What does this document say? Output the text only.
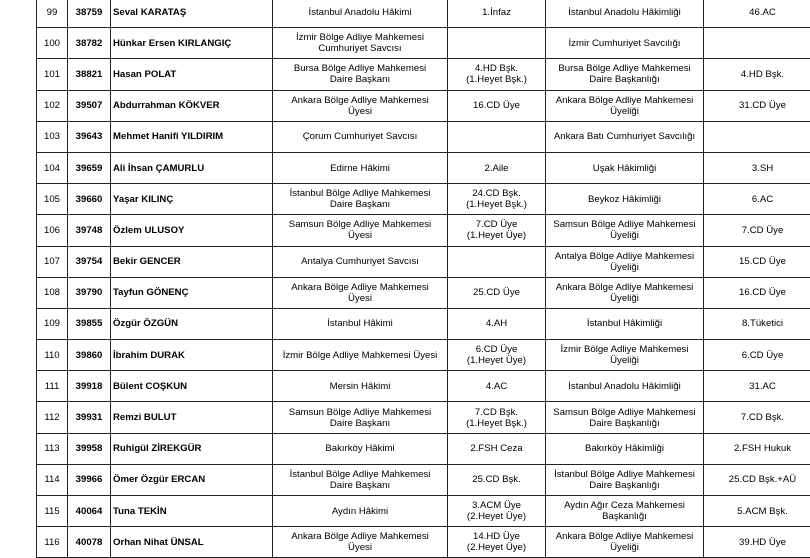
99	38759	Seval KARATAŞ	İstanbul Anadolu Hâkimi	1.İnfaz	İstanbul Anadolu Hâkimliği	46.AC

100	38782	Hünkar Ersen KIRLANGIÇ	İzmir Bölge Adliye Mahkemesi
Cumhuriyet Savcısı		İzmir Cumhuriyet Savcılığı	

101	38821	Hasan POLAT	Bursa Bölge Adliye Mahkemesi
Daire Başkanı	4.HD Bşk.
(1.Heyet Bşk.)	Bursa Bölge Adliye Mahkemesi
Daire Başkanlığı	4.HD Bşk.

102	39507	Abdurrahman KÖKVER	Ankara Bölge Adliye Mahkemesi
Üyesi	16.CD Üye	Ankara Bölge Adliye Mahkemesi
Üyeliği	31.CD Üye

103	39643	Mehmet Hanifi YILDIRIM	Çorum Cumhuriyet Savcısı		Ankara Batı Cumhuriyet Savcılığı	

104	39659	Ali İhsan ÇAMURLU	Edirne Hâkimi	2.Aile	Uşak Hâkimliği	3.SH

105	39660	Yaşar KILINÇ	İstanbul Bölge Adliye Mahkemesi
Daire Başkanı	24.CD Bşk.
(1.Heyet Bşk.)	Beykoz Hâkimliği	6.AC

106	39748	Özlem ULUSOY	Samsun Bölge Adliye Mahkemesi
Üyesi	7.CD Üye
(1.Heyet Üye)	Samsun Bölge Adliye Mahkemesi
Üyeliği	7.CD Üye

107	39754	Bekir GENCER	Antalya Cumhuriyet Savcısı		Antalya Bölge Adliye Mahkemesi
Üyeliği	15.CD Üye

108	39790	Tayfun GÖNENÇ	Ankara Bölge Adliye Mahkemesi
Üyesi	25.CD Üye	Ankara Bölge Adliye Mahkemesi
Üyeliği	16.CD Üye

109	39855	Özgür ÖZGÜN	İstanbul Hâkimi	4.AH	İstanbul Hâkimliği	8.Tüketici

110	39860	İbrahim DURAK	İzmir Bölge Adliye Mahkemesi Üyesi	6.CD Üye
(1.Heyet Üye)	İzmir Bölge Adliye Mahkemesi
Üyeliği	6.CD Üye

111	39918	Bülent COŞKUN	Mersin Hâkimi	4.AC	İstanbul Anadolu Hâkimliği	31.AC

112	39931	Remzi BULUT	Samsun Bölge Adliye Mahkemesi
Daire Başkanı	7.CD Bşk.
(1.Heyet Bşk.)	Samsun Bölge Adliye Mahkemesi
Daire Başkanlığı	7.CD Bşk.

113	39958	Ruhigül ZİREKGÜR	Bakırköy Hâkimi	2.FSH Ceza	Bakırköy Hâkimliği	2.FSH Hukuk

114	39966	Ömer Özgür ERCAN	İstanbul Bölge Adliye Mahkemesi
Daire Başkanı	25.CD Bşk.	İstanbul Bölge Adliye Mahkemesi
Daire Başkanlığı	25.CD Bşk.+AÜ

115	40064	Tuna TEKİN	Aydın Hâkimi	3.ACM Üye
(2.Heyet Üye)	Aydın Ağır Ceza Mahkemesi
Başkanlığı	5.ACM Bşk.

116	40078	Orhan Nihat ÜNSAL	Ankara Bölge Adliye Mahkemesi
Üyesi	14.HD Üye
(2.Heyet Üye)	Ankara Bölge Adliye Mahkemesi
Üyeliği	39.HD Üye
